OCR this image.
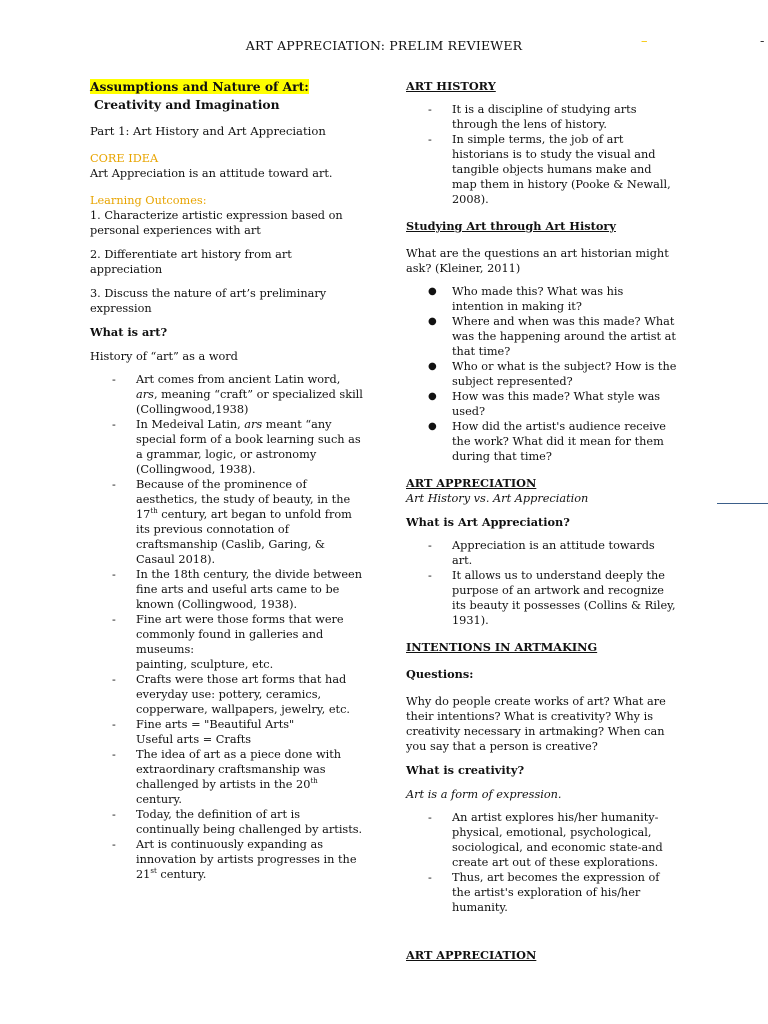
ART APPRECIATION: PRELIM REVIEWER	–	-

Assumptions and Nature of Art:

Creativity and Imagination

Part 1: Art History and Art Appreciation

CORE IDEA

Art Appreciation is an attitude toward art.

Learning Outcomes:

1. Characterize artistic expression based on personal experiences with art

2. Differentiate art history from art appreciation

3. Discuss the nature of art’s preliminary expression

What is art?

History of “art” as a word

- Art comes from ancient Latin word, ars, meaning “craft” or specialized skill (Collingwood,1938)
- In Medeival Latin, ars meant “any special form of a book learning such as a grammar, logic, or astronomy (Collingwood, 1938).
- Because of the prominence of aesthetics, the study of beauty, in the 17th century, art began to unfold from its previous connotation of craftsmanship (Caslib, Garing, & Casaul 2018).
- In the 18th century, the divide between fine arts and useful arts came to be known (Collingwood, 1938).
- Fine art were those forms that were commonly found in galleries and museums:
painting, sculpture, etc.
- Crafts were those art forms that had everyday use: pottery, ceramics, copperware, wallpapers, jewelry, etc.
- Fine arts = "Beautiful Arts"
Useful arts = Crafts
- The idea of art as a piece done with extraordinary craftsmanship was challenged by artists in the 20th century.
- Today, the definition of art is continually being challenged by artists.
- Art is continuously expanding as innovation by artists progresses in the 21st century.

ART HISTORY

- It is a discipline of studying arts through the lens of history.
- In simple terms, the job of art historians is to study the visual and tangible objects humans make and map them in history (Pooke & Newall, 2008).

Studying Art through Art History

What are the questions an art historian might ask? (Kleiner, 2011)

● Who made this? What was his intention in making it?
● Where and when was this made? What was the happening around the artist at that time?
● Who or what is the subject? How is the subject represented?
● How was this made? What style was used?
● How did the artist's audience receive the work? What did it mean for them during that time?

ART APPRECIATION

Art History vs. Art Appreciation

What is Art Appreciation?

- Appreciation is an attitude towards art.
- It allows us to understand deeply the purpose of an artwork and recognize its beauty it possesses (Collins & Riley, 1931).

INTENTIONS IN ARTMAKING

Questions:

Why do people create works of art? What are their intentions? What is creativity? Why is creativity necessary in artmaking? When can you say that a person is creative?

What is creativity?

Art is a form of expression.

- An artist explores his/her humanity-physical, emotional, psychological, sociological, and economic state-and create art out of these explorations.
- Thus, art becomes the expression of the artist's exploration of his/her humanity.

ART APPRECIATION
